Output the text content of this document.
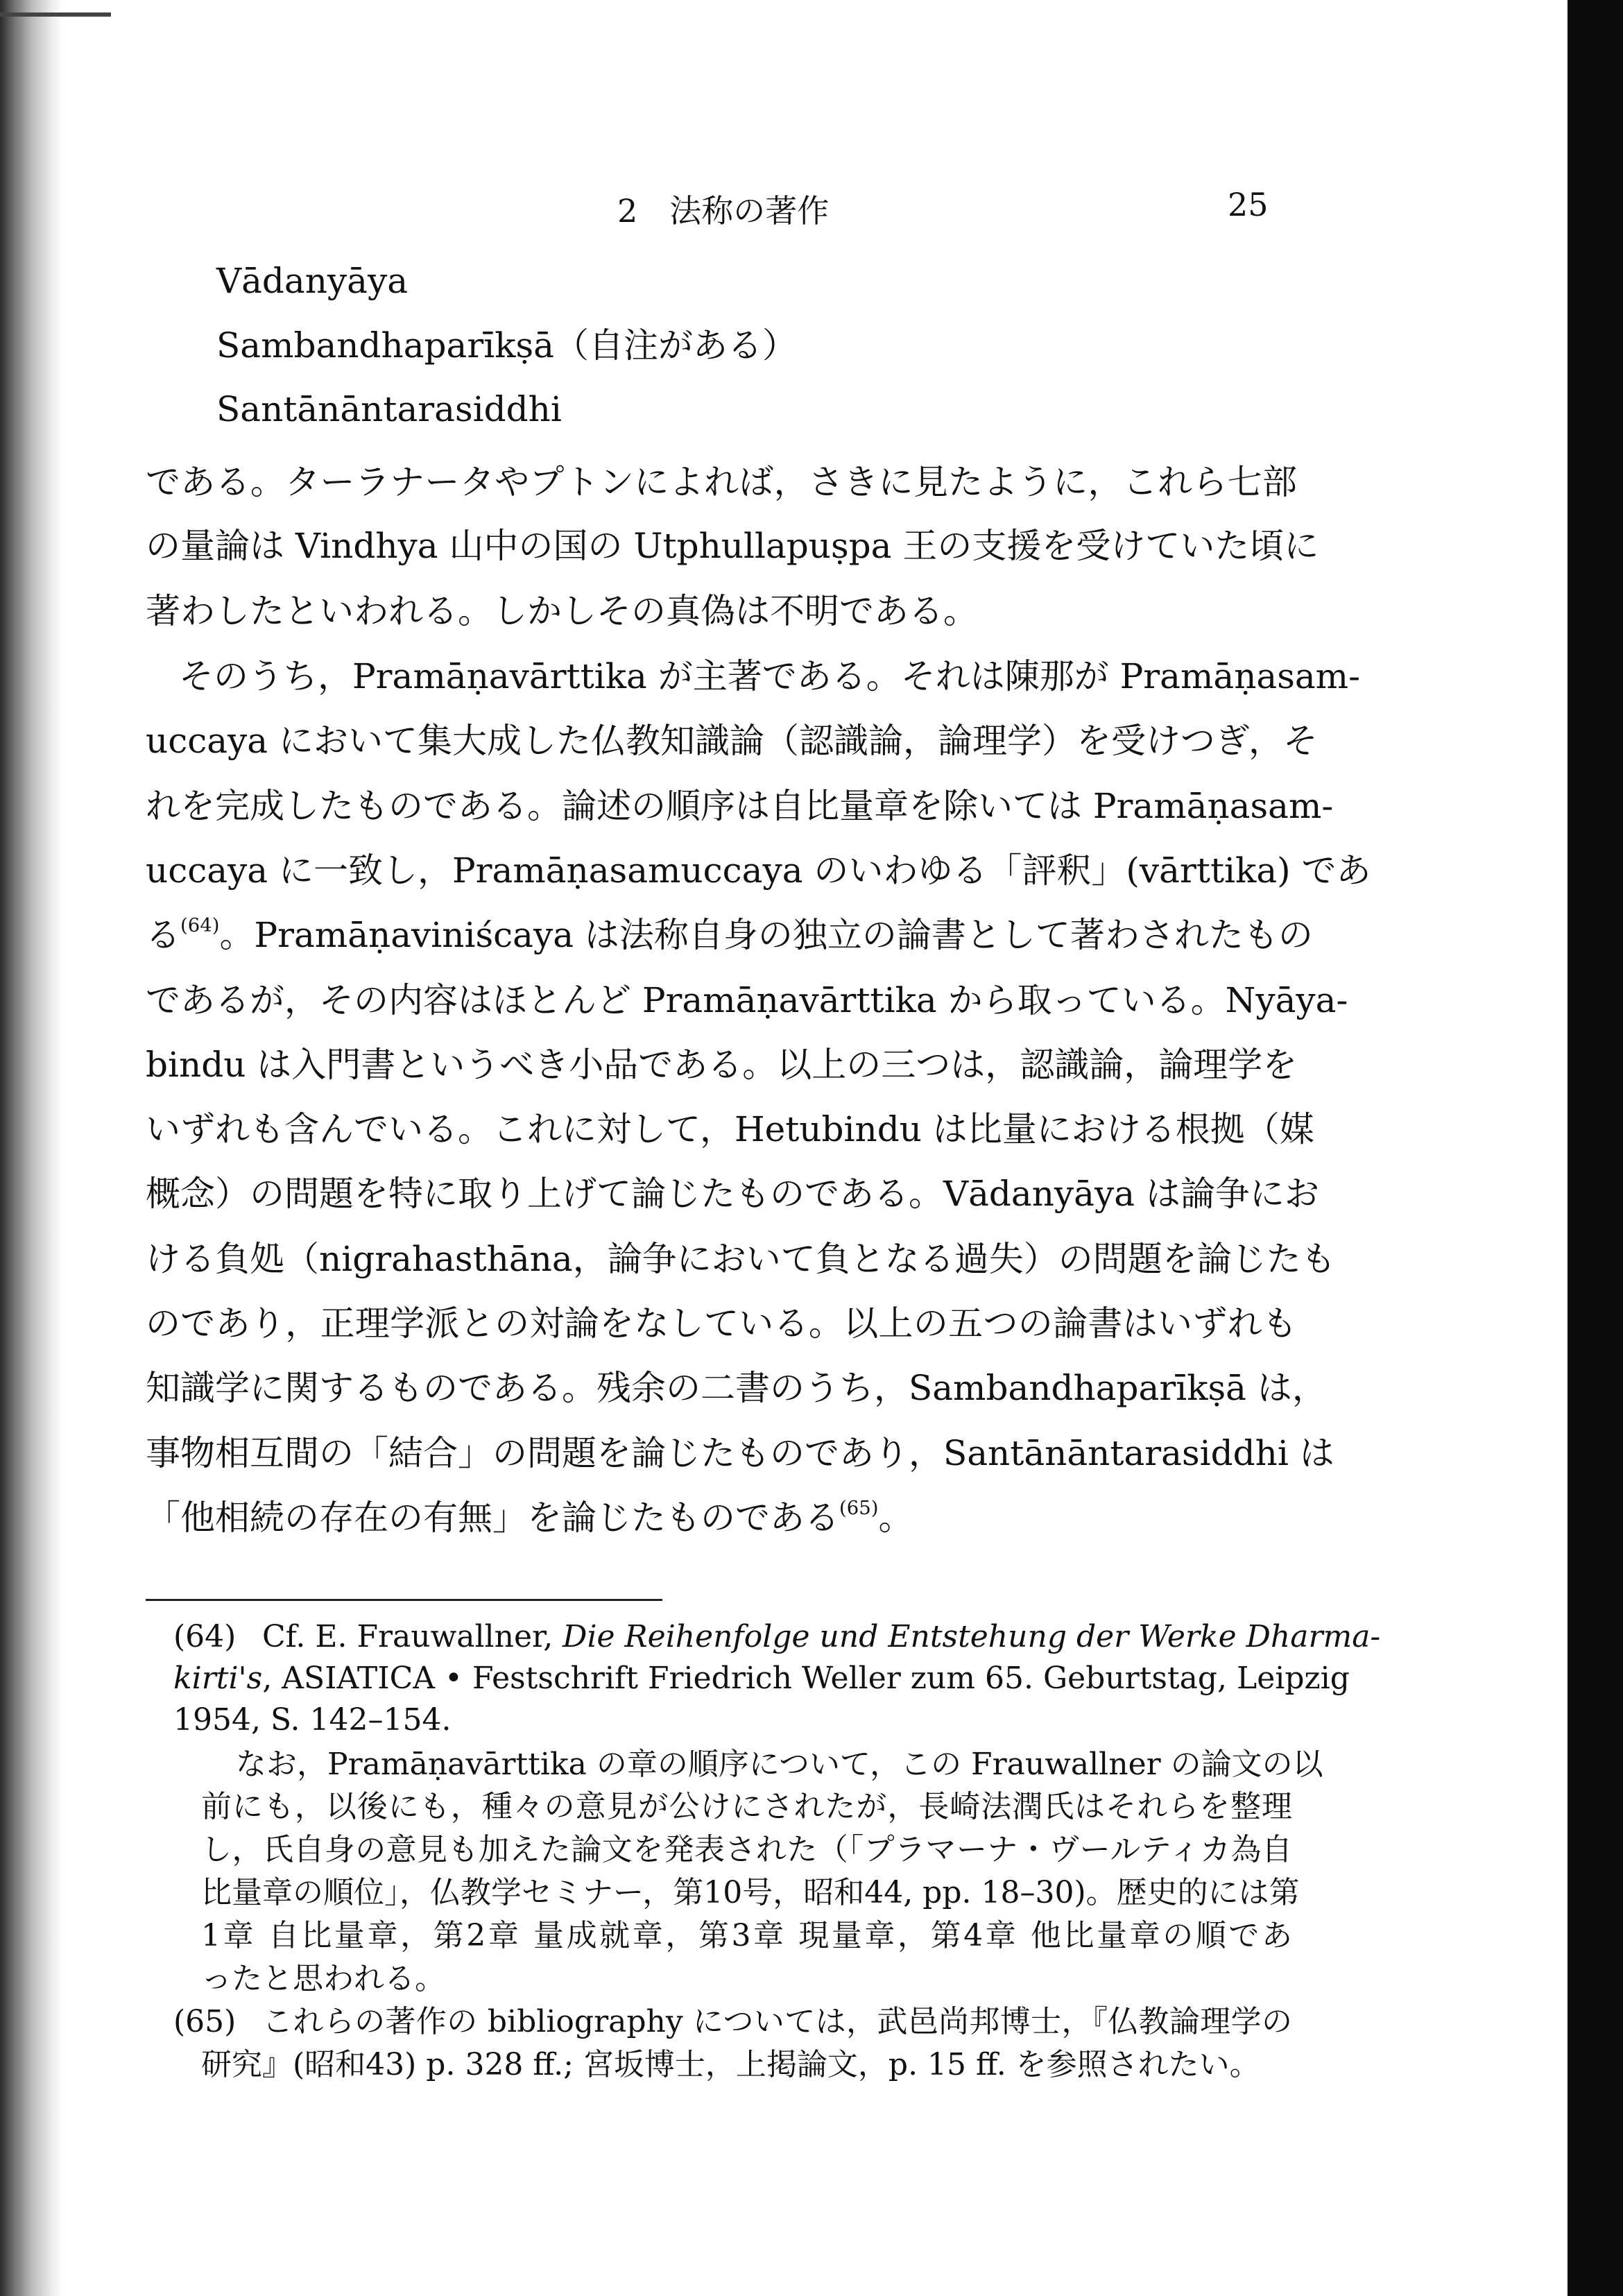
2　法称の著作	25
Vādanyāya
Sambandhaparīkṣā（自注がある）
Santānāntarasiddhi
である。ターラナータやプトンによれば，さきに見たように，これら七部
の量論は Vindhya 山中の国の Utphullapuṣpa 王の支援を受けていた頃に
著わしたといわれる。しかしその真偽は不明である。
そのうち，Pramāṇavārttika が主著である。それは陳那が Pramāṇasam-
uccaya において集大成した仏教知識論（認識論，論理学）を受けつぎ，そ
れを完成したものである。論述の順序は自比量章を除いては Pramāṇasam-
uccaya に一致し，Pramāṇasamuccaya のいわゆる「評釈」(vārttika) であ
る$^{(64)}$。Pramāṇaviniścaya は法称自身の独立の論書として著わされたもの
であるが，その内容はほとんど Pramāṇavārttika から取っている。Nyāya-
bindu は入門書というべき小品である。以上の三つは，認識論，論理学を
いずれも含んでいる。これに対して，Hetubindu は比量における根拠（媒
概念）の問題を特に取り上げて論じたものである。Vādanyāya は論争にお
ける負処（nigrahasthāna，論争において負となる過失）の問題を論じたも
のであり，正理学派との対論をなしている。以上の五つの論書はいずれも
知識学に関するものである。残余の二書のうち，Sambandhaparīkṣā は，
事物相互間の「結合」の問題を論じたものであり，Santānāntarasiddhi は
「他相続の存在の有無」を論じたものである$^{(65)}$。
(64) Cf. E. Frauwallner, Die Reihenfolge und Entstehung der Werke Dharma-
kirti's, ASIATICA • Festschrift Friedrich Weller zum 65. Geburtstag, Leipzig
1954, S. 142–154.
なお，Pramāṇavārttika の章の順序について，この Frauwallner の論文の以
前にも，以後にも，種々の意見が公けにされたが，長崎法潤氏はそれらを整理
し，氏自身の意見も加えた論文を発表された（「プラマーナ・ヴールティカ為自
比量章の順位」，仏教学セミナー，第10号，昭和44, pp. 18–30)。歴史的には第
1章 自比量章，第2章 量成就章，第3章 現量章，第4章 他比量章の順であ
ったと思われる。
(65) これらの著作の bibliography については，武邑尚邦博士，『仏教論理学の
研究』(昭和43) p. 328 ff.; 宮坂博士，上掲論文，p. 15 ff. を参照されたい。
